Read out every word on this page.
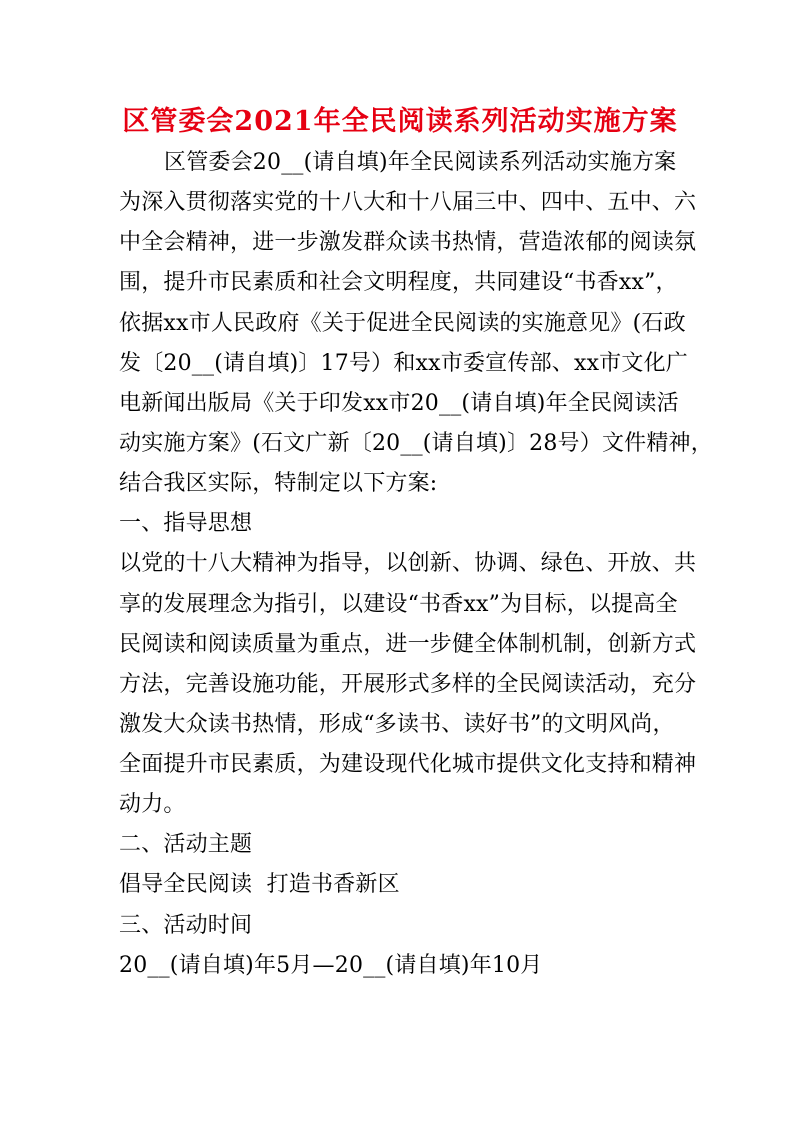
区管委会2021年全民阅读系列活动实施方案
区管委会20__(请自填)年全民阅读系列活动实施方案
为深入贯彻落实党的十八大和十八届三中、四中、五中、六
中全会精神，进一步激发群众读书热情，营造浓郁的阅读氛
围，提升市民素质和社会文明程度，共同建设“书香xx”，
依据xx市人民政府《关于促进全民阅读的实施意见》(石政
发〔20__(请自填)〕17号）和xx市委宣传部、xx市文化广
电新闻出版局《关于印发xx市20__(请自填)年全民阅读活
动实施方案》(石文广新〔20__(请自填)〕28号）文件精神，
结合我区实际，特制定以下方案:
一、指导思想
以党的十八大精神为指导，以创新、协调、绿色、开放、共
享的发展理念为指引，以建设“书香xx”为目标，以提高全
民阅读和阅读质量为重点，进一步健全体制机制，创新方式
方法，完善设施功能，开展形式多样的全民阅读活动，充分
激发大众读书热情，形成“多读书、读好书”的文明风尚，
全面提升市民素质，为建设现代化城市提供文化支持和精神
动力。
二、活动主题
倡导全民阅读  打造书香新区
三、活动时间
20__(请自填)年5月—20__(请自填)年10月
